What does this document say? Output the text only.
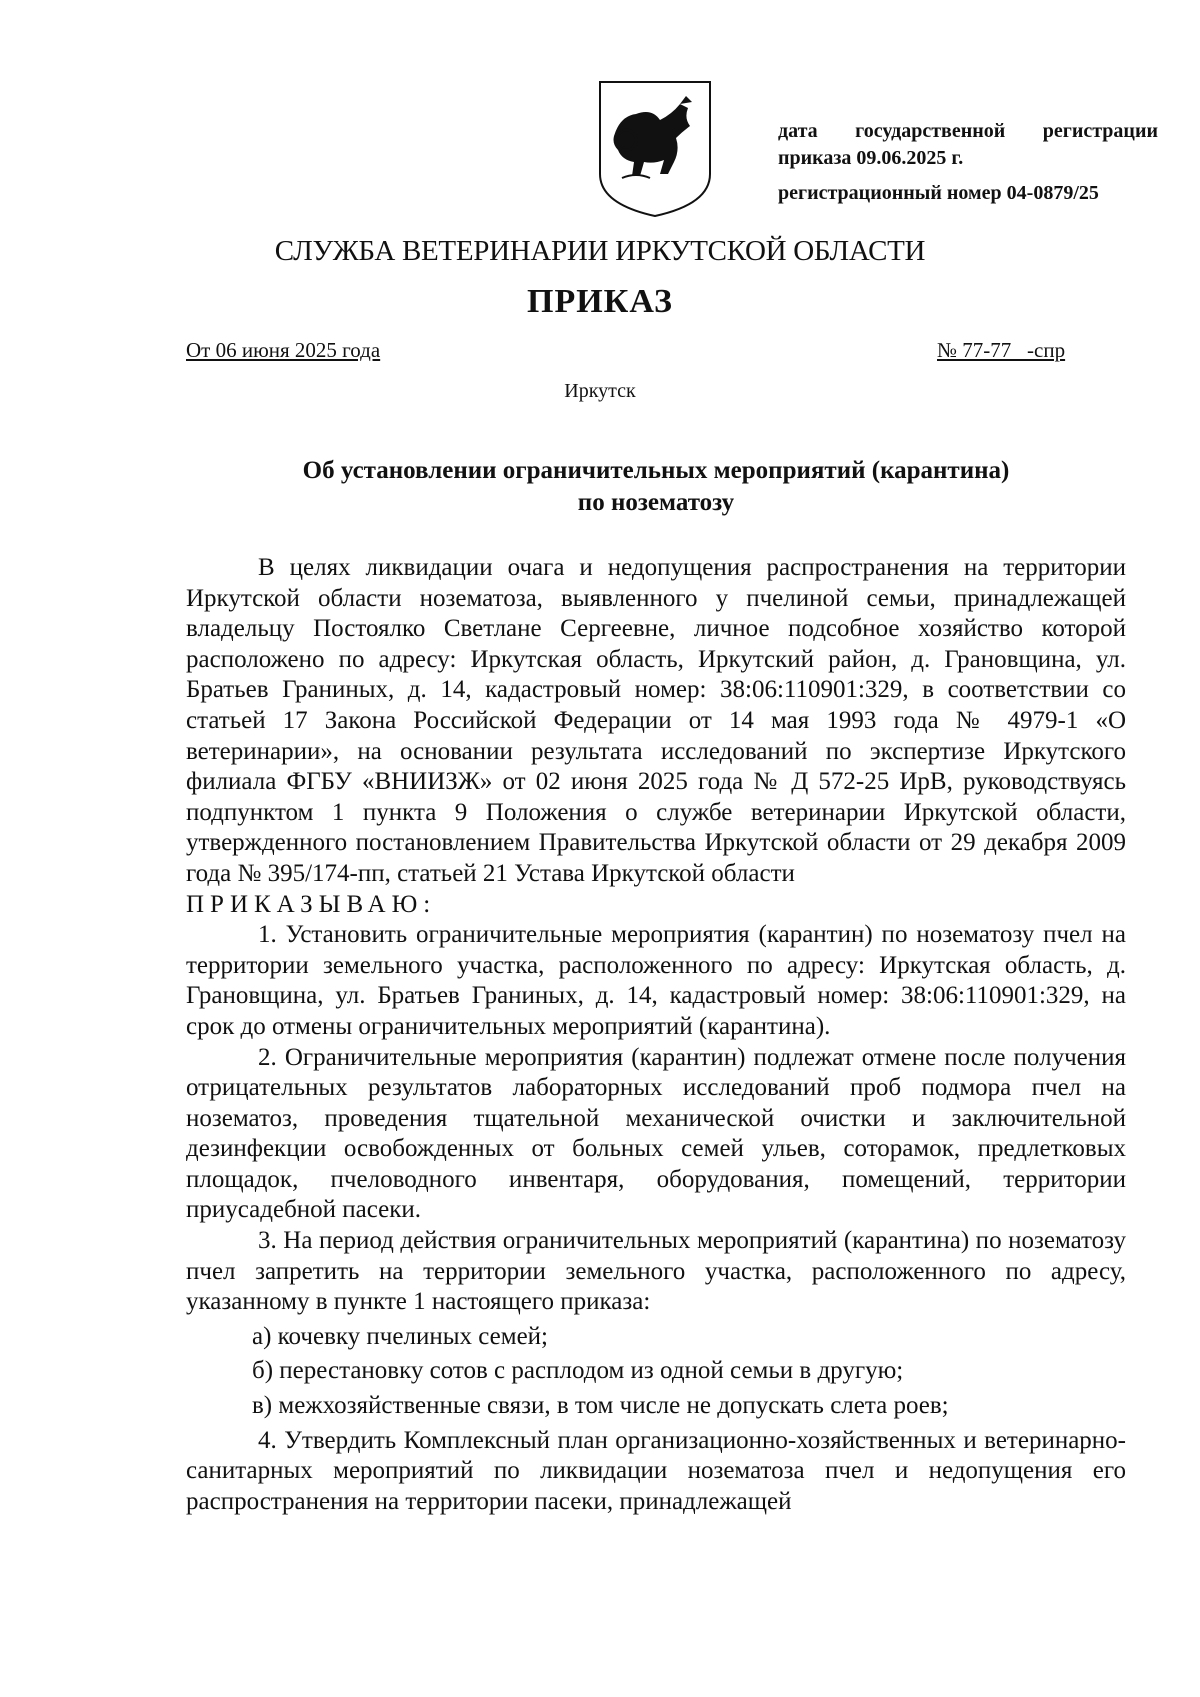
дата государственной регистрации
приказа 09.06.2025 г.
регистрационный номер 04-0879/25
СЛУЖБА ВЕТЕРИНАРИИ ИРКУТСКОЙ ОБЛАСТИ
ПРИКАЗ
От 06 июня 2025 года	№ 77-77   -спр
Иркутск
Об установлении ограничительных мероприятий (карантина)
по нозематозу

В целях ликвидации очага и недопущения распространения на территории Иркутской области нозематоза, выявленного у пчелиной семьи, принадлежащей владельцу Постоялко Светлане Сергеевне, личное подсобное хозяйство которой расположено по адресу: Иркутская область, Иркутский район, д. Грановщина, ул. Братьев Граниных, д. 14, кадастровый номер: 38:06:110901:329, в соответствии со статьей 17 Закона Российской Федерации от 14 мая 1993 года № 4979-1 «О ветеринарии», на основании результата исследований по экспертизе Иркутского филиала ФГБУ «ВНИИЗЖ» от 02 июня 2025 года № Д 572-25 ИрВ, руководствуясь подпунктом 1 пункта 9 Положения о службе ветеринарии Иркутской области, утвержденного постановлением Правительства Иркутской области от 29 декабря 2009 года № 395/174-пп, статьей 21 Устава Иркутской области

ПРИКАЗЫВАЮ:

1. Установить ограничительные мероприятия (карантин) по нозематозу пчел на территории земельного участка, расположенного по адресу: Иркутская область, д. Грановщина, ул. Братьев Граниных, д. 14, кадастровый номер: 38:06:110901:329, на срок до отмены ограничительных мероприятий (карантина).

2. Ограничительные мероприятия (карантин) подлежат отмене после получения отрицательных результатов лабораторных исследований проб подмора пчел на нозематоз, проведения тщательной механической очистки и заключительной дезинфекции освобожденных от больных семей ульев, соторамок, предлетковых площадок, пчеловодного инвентаря, оборудования, помещений, территории приусадебной пасеки.

3. На период действия ограничительных мероприятий (карантина) по нозематозу пчел запретить на территории земельного участка, расположенного по адресу, указанному в пункте 1 настоящего приказа:

а) кочевку пчелиных семей;

б) перестановку сотов с расплодом из одной семьи в другую;

в) межхозяйственные связи, в том числе не допускать слета роев;

4. Утвердить Комплексный план организационно-хозяйственных и ветеринарно-санитарных мероприятий по ликвидации нозематоза пчел и недопущения его распространения на территории пасеки, принадлежащей
